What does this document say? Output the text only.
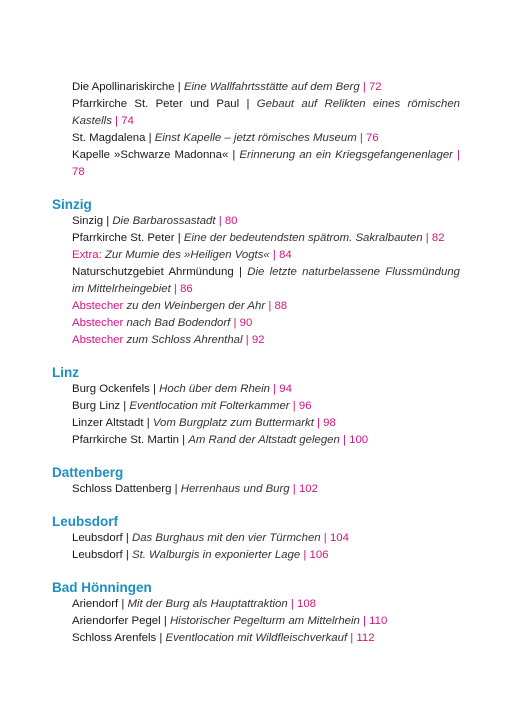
Die Apollinariskirche | Eine Wallfahrtsstätte auf dem Berg | 72

Pfarrkirche St. Peter und Paul | Gebaut auf Relikten eines römischen Kastells | 74

St. Magdalena | Einst Kapelle – jetzt römisches Museum | 76

Kapelle »Schwarze Madonna« | Erinnerung an ein Kriegsgefangenenlager | 78

Sinzig

Sinzig | Die Barbarossastadt | 80

Pfarrkirche St. Peter | Eine der bedeutendsten spätrom. Sakralbauten | 82

Extra: Zur Mumie des »Heiligen Vogts« | 84

Naturschutzgebiet Ahrmündung | Die letzte naturbelassene Flussmündung im Mittelrheingebiet | 86

Abstecher zu den Weinbergen der Ahr | 88

Abstecher nach Bad Bodendorf | 90

Abstecher zum Schloss Ahrenthal | 92

Linz

Burg Ockenfels | Hoch über dem Rhein | 94

Burg Linz | Eventlocation mit Folterkammer | 96

Linzer Altstadt | Vom Burgplatz zum Buttermarkt | 98

Pfarrkirche St. Martin | Am Rand der Altstadt gelegen | 100

Dattenberg

Schloss Dattenberg | Herrenhaus und Burg | 102

Leubsdorf

Leubsdorf | Das Burghaus mit den vier Türmchen | 104

Leubsdorf | St. Walburgis in exponierter Lage | 106

Bad Hönningen

Ariendorf | Mit der Burg als Hauptattraktion | 108

Ariendorfer Pegel | Historischer Pegelturm am Mittelrhein | 110

Schloss Arenfels | Eventlocation mit Wildfleischverkauf | 112
